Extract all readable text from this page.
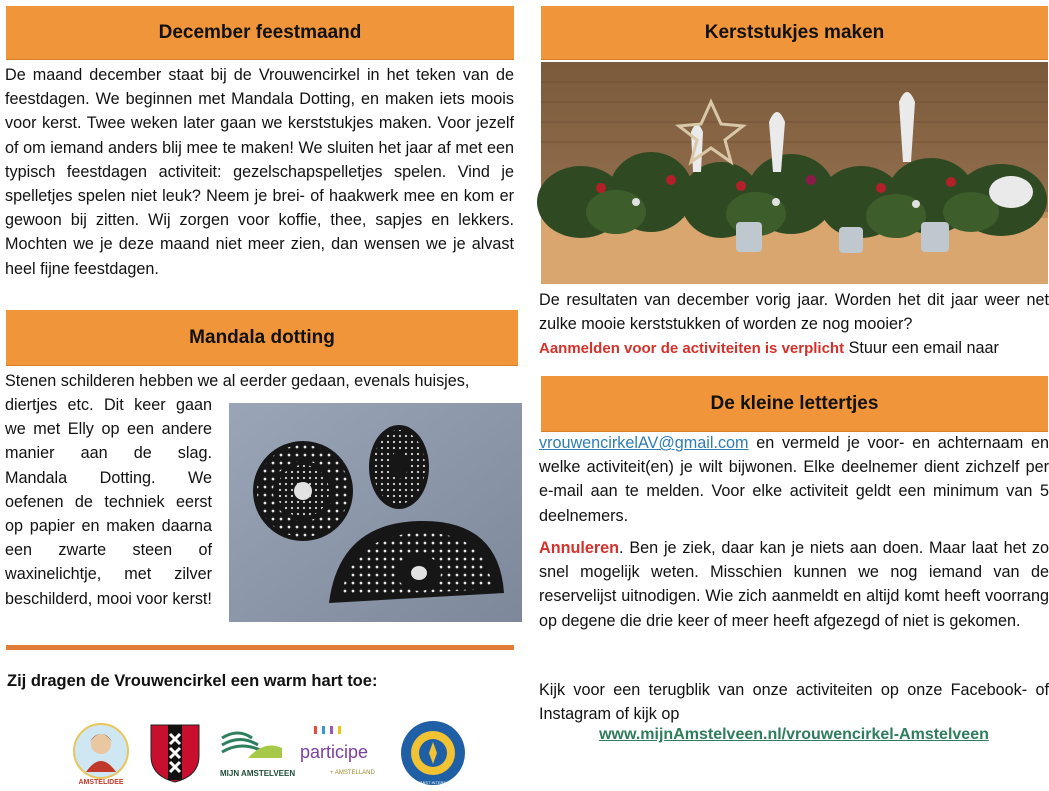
December feestmaand
De maand december staat bij de Vrouwencirkel in het teken van de feestdagen. We beginnen met Mandala Dotting, en maken iets moois voor kerst. Twee weken later gaan we kerststukjes maken. Voor jezelf of om iemand anders blij mee te maken! We sluiten het jaar af met een typisch feestdagen activiteit: gezelschapspelletjes spelen. Vind je spelletjes spelen niet leuk? Neem je brei- of haakwerk mee en kom er gewoon bij zitten. Wij zorgen voor koffie, thee, sapjes en lekkers. Mochten we je deze maand niet meer zien, dan wensen we je alvast heel fijne feestdagen.
Mandala dotting
Stenen schilderen hebben we al eerder gedaan, evenals huisjes,
diertjes etc. Dit keer gaan we met Elly op een andere manier aan de slag. Mandala Dotting. We oefenen de techniek eerst op papier en maken daarna een zwarte steen of waxinelichtje, met zilver beschilderd, mooi voor kerst!
Zij dragen de Vrouwencirkel een warm hart toe:
AMSTELIDEE
MIJN AMSTELVEEN
participe
+ AMSTELLAND
SOROPTIMIST INTERNATIONAL
Kerststukjes maken
De resultaten van december vorig jaar. Worden het dit jaar weer net zulke mooie kerststukken of worden ze nog mooier?
Aanmelden voor de activiteiten is verplicht Stuur een email naar
De kleine lettertjes
vrouwencirkelAV@gmail.com en vermeld je voor- en achternaam en welke activiteit(en) je wilt bijwonen. Elke deelnemer dient zichzelf per e-mail aan te melden. Voor elke activiteit geldt een minimum van 5 deelnemers.
Annuleren. Ben je ziek, daar kan je niets aan doen. Maar laat het zo snel mogelijk weten. Misschien kunnen we nog iemand van de reservelijst uitnodigen. Wie zich aanmeldt en altijd komt heeft voorrang op degene die drie keer of meer heeft afgezegd of niet is gekomen.
Kijk voor een terugblik van onze activiteiten op onze Facebook- of Instagram of kijk op
www.mijnAmstelveen.nl/vrouwencirkel-Amstelveen
